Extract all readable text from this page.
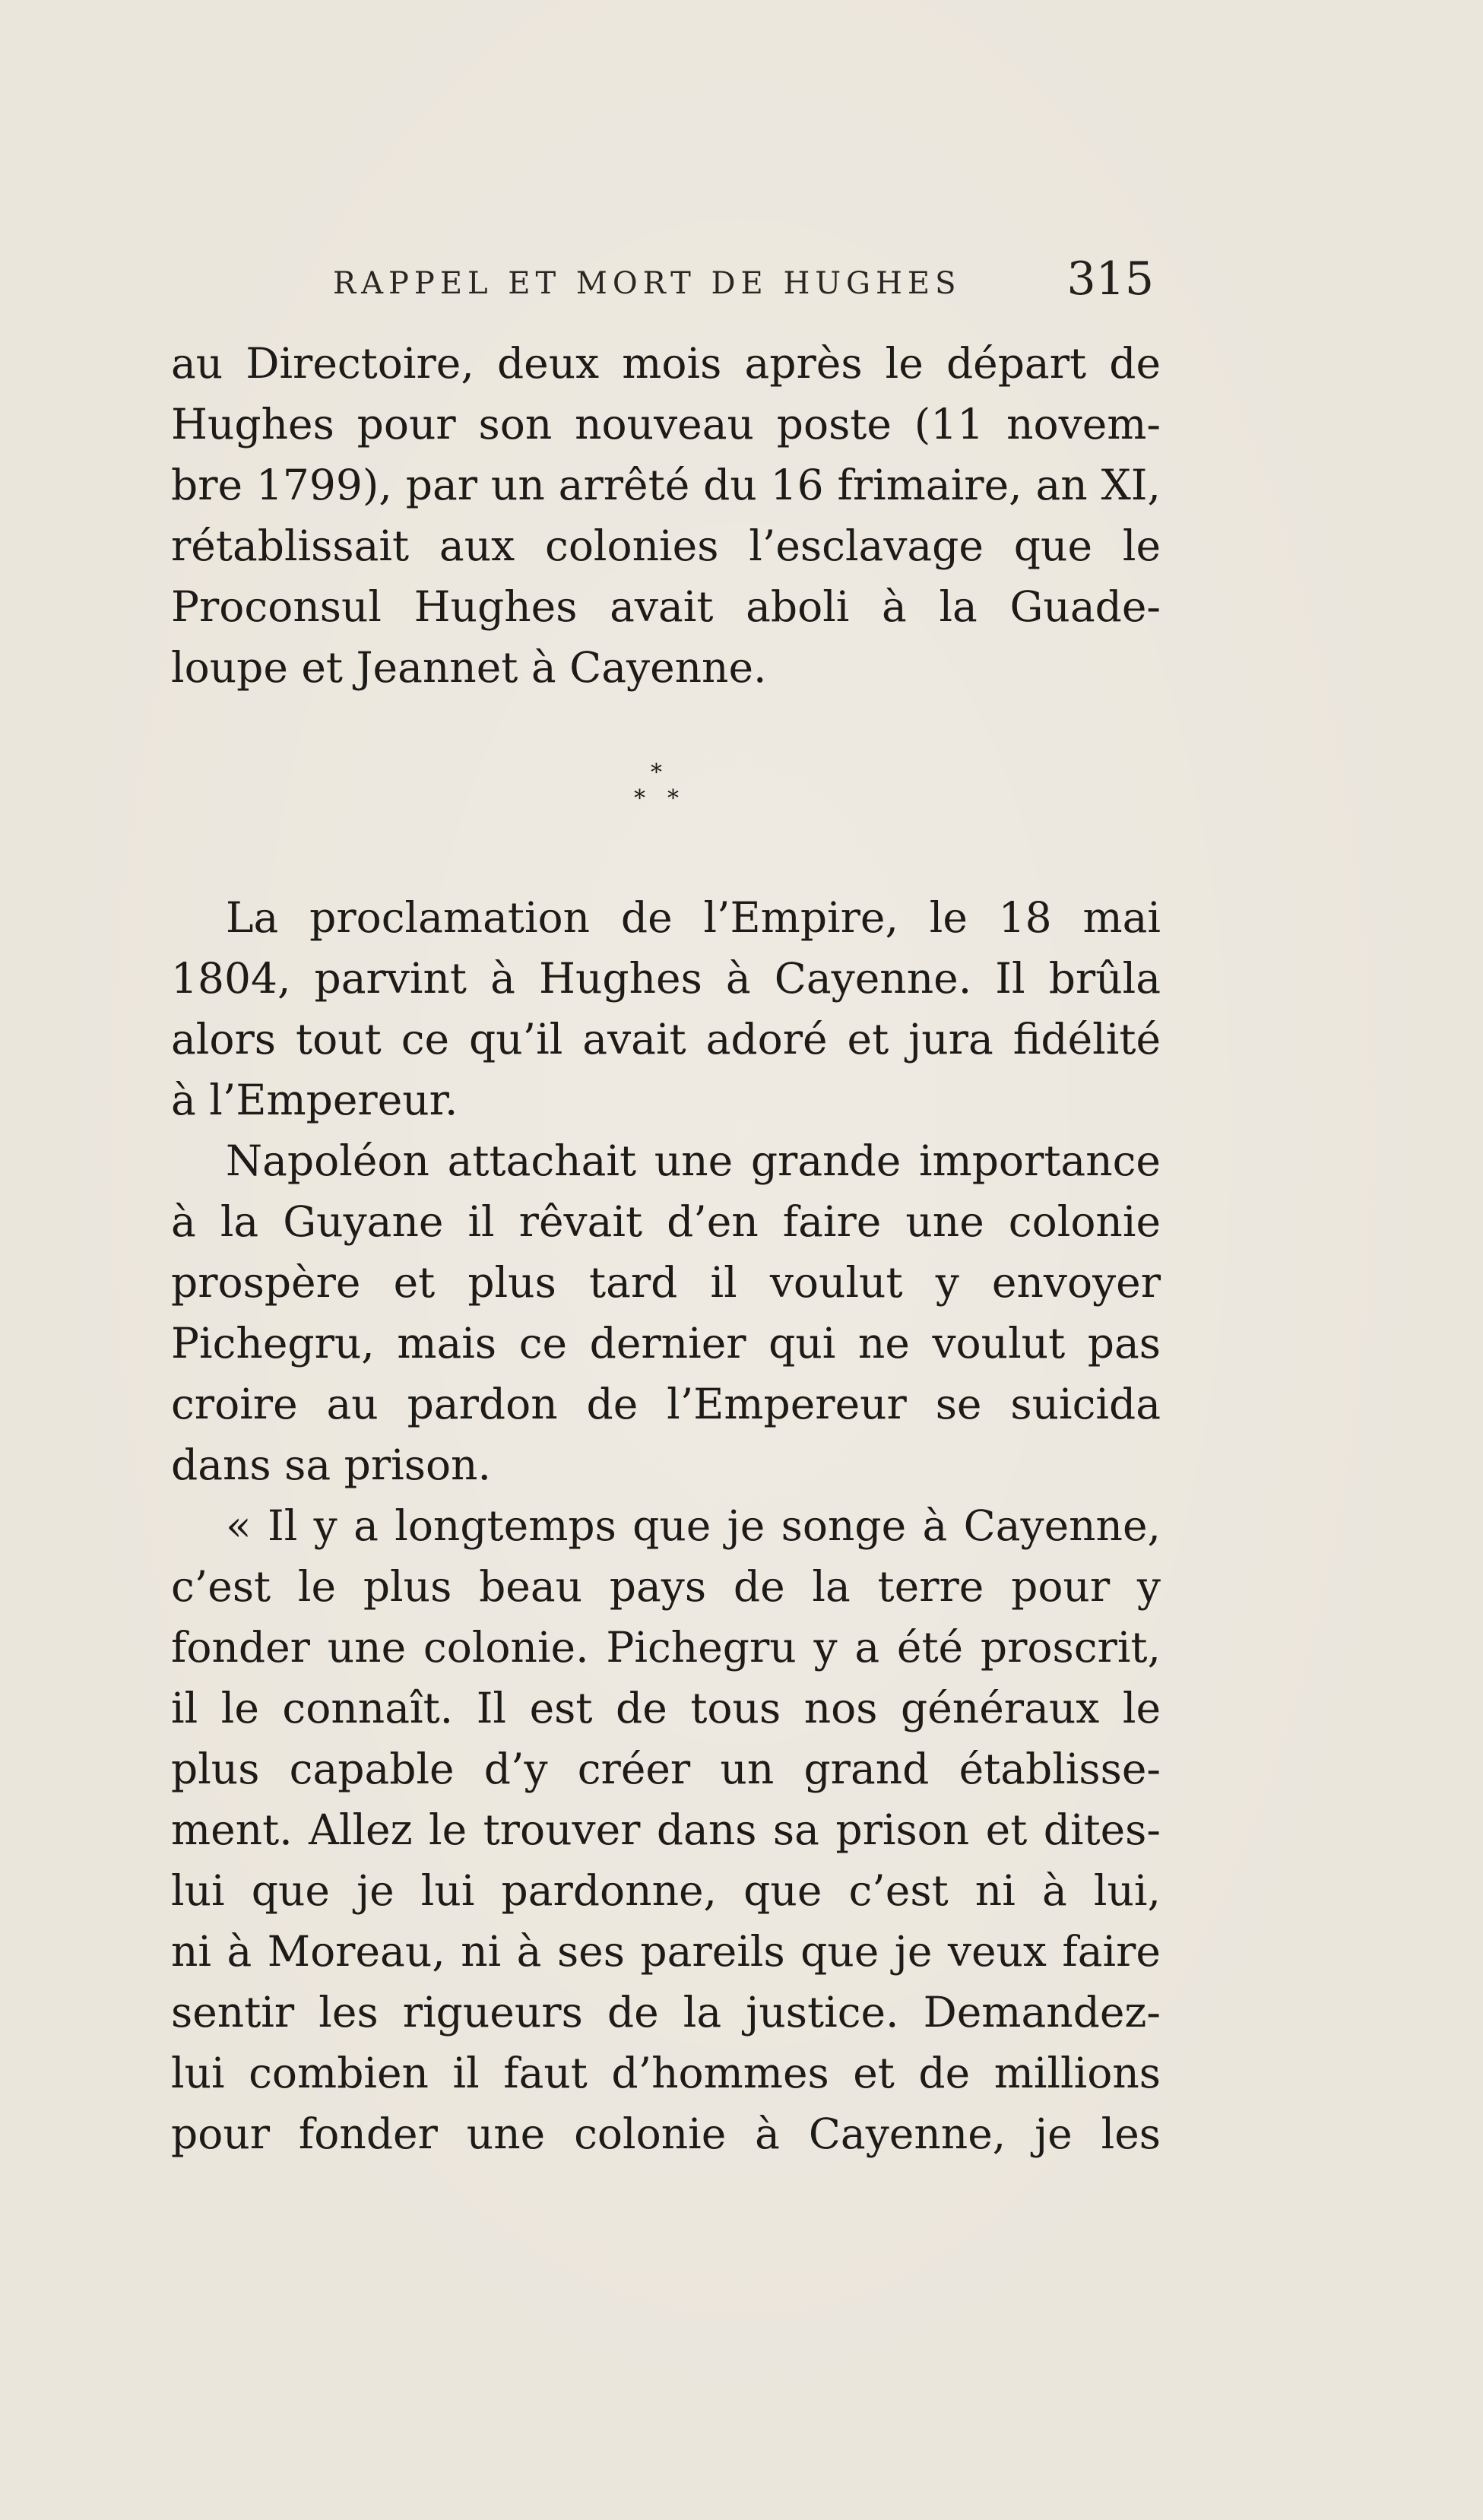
RAPPEL ET MORT DE HUGHES 315
au Directoire, deux mois après le départ de
Hughes pour son nouveau poste (11 novem-
bre 1799), par un arrêté du 16 frimaire, an XI,
rétablissait aux colonies l’esclavage que le
Proconsul Hughes avait aboli à la Guade-
loupe et Jeannet à Cayenne.
*
* *
La proclamation de l’Empire, le 18 mai
1804, parvint à Hughes à Cayenne. Il brûla
alors tout ce qu’il avait adoré et jura fidélité
à l’Empereur.
Napoléon attachait une grande importance
à la Guyane il rêvait d’en faire une colonie
prospère et plus tard il voulut y envoyer
Pichegru, mais ce dernier qui ne voulut pas
croire au pardon de l’Empereur se suicida
dans sa prison.
« Il y a longtemps que je songe à Cayenne,
c’est le plus beau pays de la terre pour y
fonder une colonie. Pichegru y a été proscrit,
il le connaît. Il est de tous nos généraux le
plus capable d’y créer un grand établisse-
ment. Allez le trouver dans sa prison et dites-
lui que je lui pardonne, que c’est ni à lui,
ni à Moreau, ni à ses pareils que je veux faire
sentir les rigueurs de la justice. Demandez-
lui combien il faut d’hommes et de millions
pour fonder une colonie à Cayenne, je les
